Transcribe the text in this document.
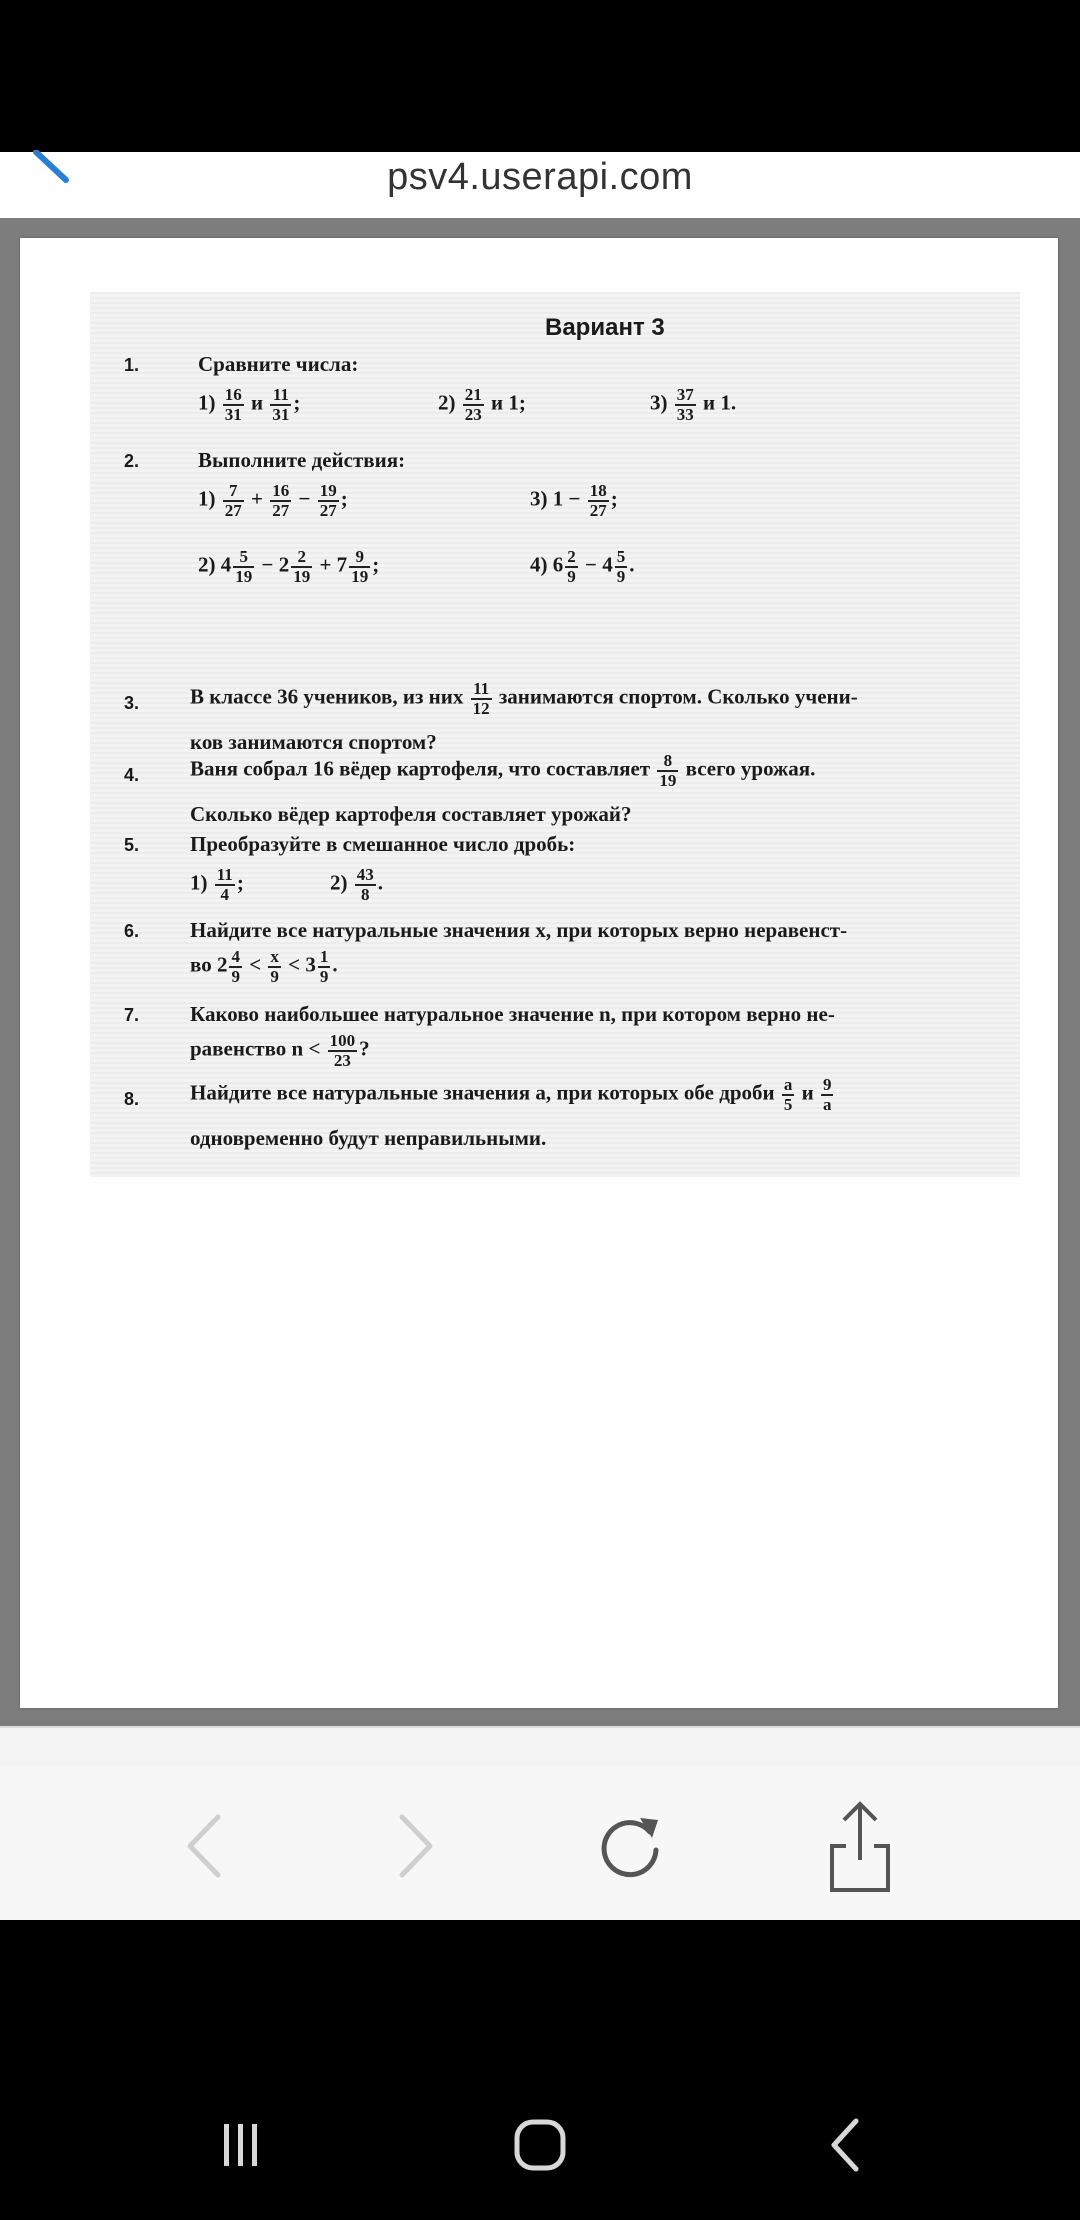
psv4.userapi.com
Вариант 3
1.	Сравните числа:
$1) \frac{16}{31}$ и $\frac{11}{31}$ ;	$2) \frac{21}{23}$ и 1;	$3) \frac{37}{33}$ и 1.
2.	Выполните действия:
$1) \frac{7}{27} + \frac{16}{27} - \frac{19}{27}$ ;	3) $1 - \frac{18}{27}$ ;
2) $4 \frac{5}{19} - 2 \frac{2}{19} + 7 \frac{9}{19}$ ;	4) $6 \frac{2}{9} - 4 \frac{5}{9}$ .
3. В классе 36 учеников, из них $\frac{11}{12}$ занимаются спортом. Сколько учени-
ков занимаются спортом?
4. Ваня собрал 16 вёдер картофеля, что составляет $\frac{8}{19}$ всего урожая.
Сколько вёдер картофеля составляет урожай?
5. Преобразуйте в смешанное число дробь:
$1) \frac{11}{4}$ ;	$2) \frac{43}{8}$ .
6. Найдите все натуральные значения x, при которых верно неравенст-
во $2 \frac{4}{9} < \frac{x}{9} < 3 \frac{1}{9}$ .
7. Каково наибольшее натуральное значение n, при котором верно не-
равенство $n < \frac{100}{23}$ ?
8. Найдите все натуральные значения a, при которых обе дроби $\frac{a}{5}$ и $\frac{9}{a}$
одновременно будут неправильными.
